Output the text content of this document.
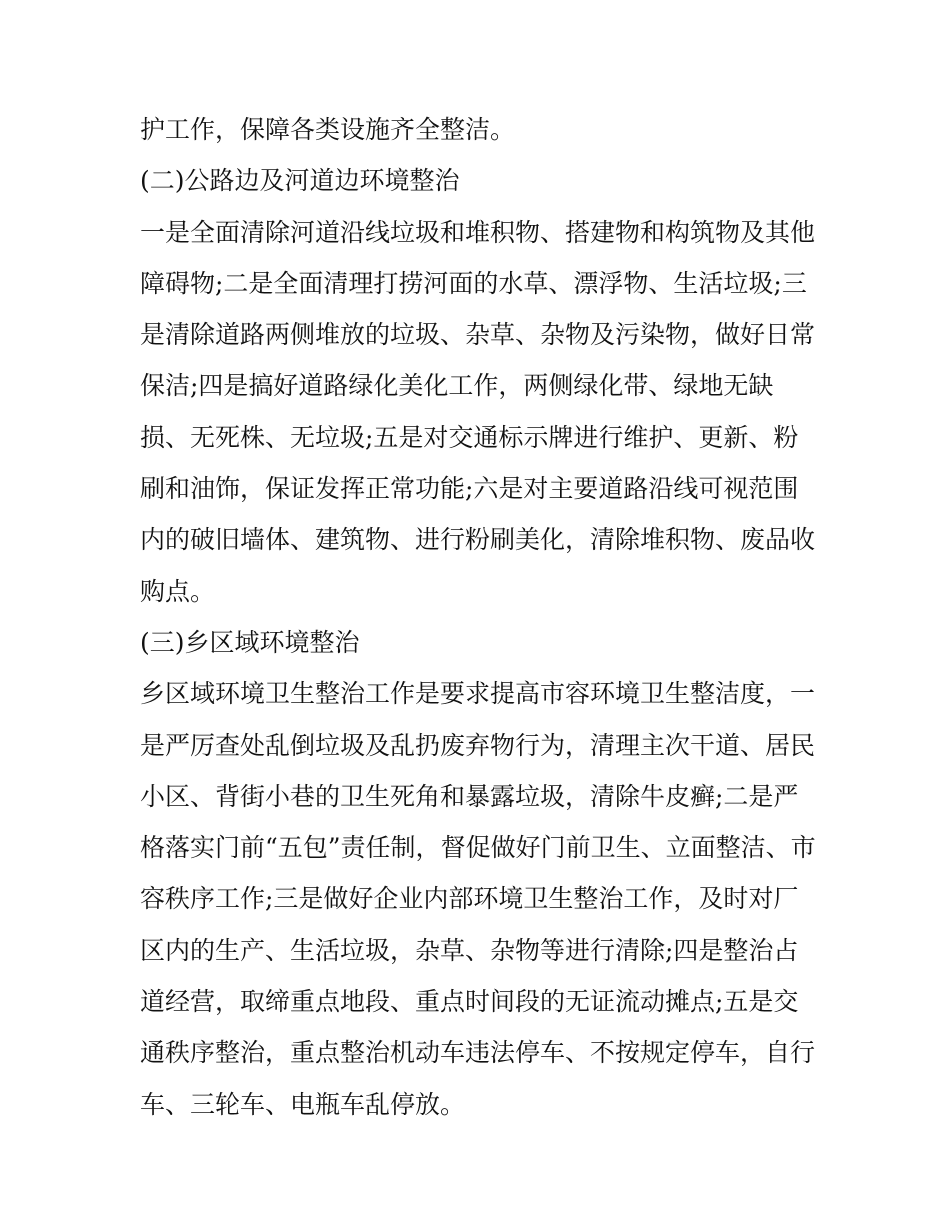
护工作，保障各类设施齐全整洁。
(二)公路边及河道边环境整治
一是全面清除河道沿线垃圾和堆积物、搭建物和构筑物及其他
障碍物;二是全面清理打捞河面的水草、漂浮物、生活垃圾;三
是清除道路两侧堆放的垃圾、杂草、杂物及污染物，做好日常
保洁;四是搞好道路绿化美化工作，两侧绿化带、绿地无缺
损、无死株、无垃圾;五是对交通标示牌进行维护、更新、粉
刷和油饰，保证发挥正常功能;六是对主要道路沿线可视范围
内的破旧墙体、建筑物、进行粉刷美化，清除堆积物、废品收
购点。
(三)乡区域环境整治
乡区域环境卫生整治工作是要求提高市容环境卫生整洁度，一
是严厉查处乱倒垃圾及乱扔废弃物行为，清理主次干道、居民
小区、背街小巷的卫生死角和暴露垃圾，清除牛皮癣;二是严
格落实门前“五包”责任制，督促做好门前卫生、立面整洁、市
容秩序工作;三是做好企业内部环境卫生整治工作，及时对厂
区内的生产、生活垃圾，杂草、杂物等进行清除;四是整治占
道经营，取缔重点地段、重点时间段的无证流动摊点;五是交
通秩序整治，重点整治机动车违法停车、不按规定停车，自行
车、三轮车、电瓶车乱停放。
